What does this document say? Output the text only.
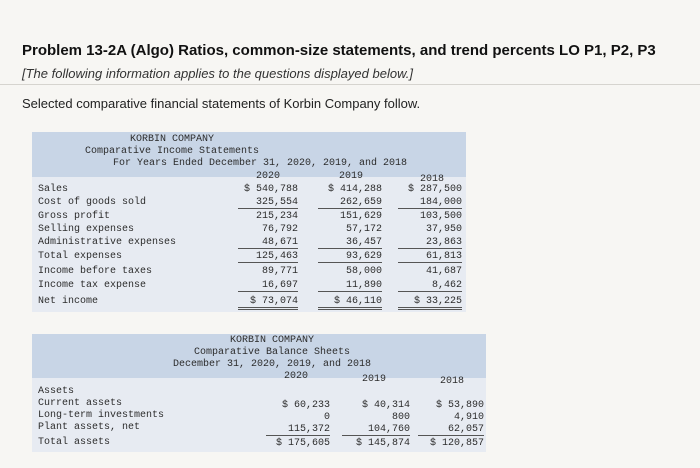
Problem 13-2A (Algo) Ratios, common-size statements, and trend percents LO P1, P2, P3
[The following information applies to the questions displayed below.]
Selected comparative financial statements of Korbin Company follow.
KORBIN COMPANY
Comparative Income Statements
For Years Ended December 31, 2020, 2019, and 2018
2020	2019	2018
Sales	$ 540,788	$ 414,288	$ 287,500
Cost of goods sold	325,554	262,659	184,000
Gross profit	215,234	151,629	103,500
Selling expenses	76,792	57,172	37,950
Administrative expenses	48,671	36,457	23,863
Total expenses	125,463	93,629	61,813
Income before taxes	89,771	58,000	41,687
Income tax expense	16,697	11,890	8,462
Net income	$ 73,074	$ 46,110	$ 33,225
KORBIN COMPANY
Comparative Balance Sheets
December 31, 2020, 2019, and 2018
2020	2019	2018
Assets
Current assets	$ 60,233	$ 40,314	$ 53,890
Long-term investments	0	800	4,910
Plant assets, net	115,372	104,760	62,057
Total assets	$ 175,605	$ 145,874	$ 120,857
